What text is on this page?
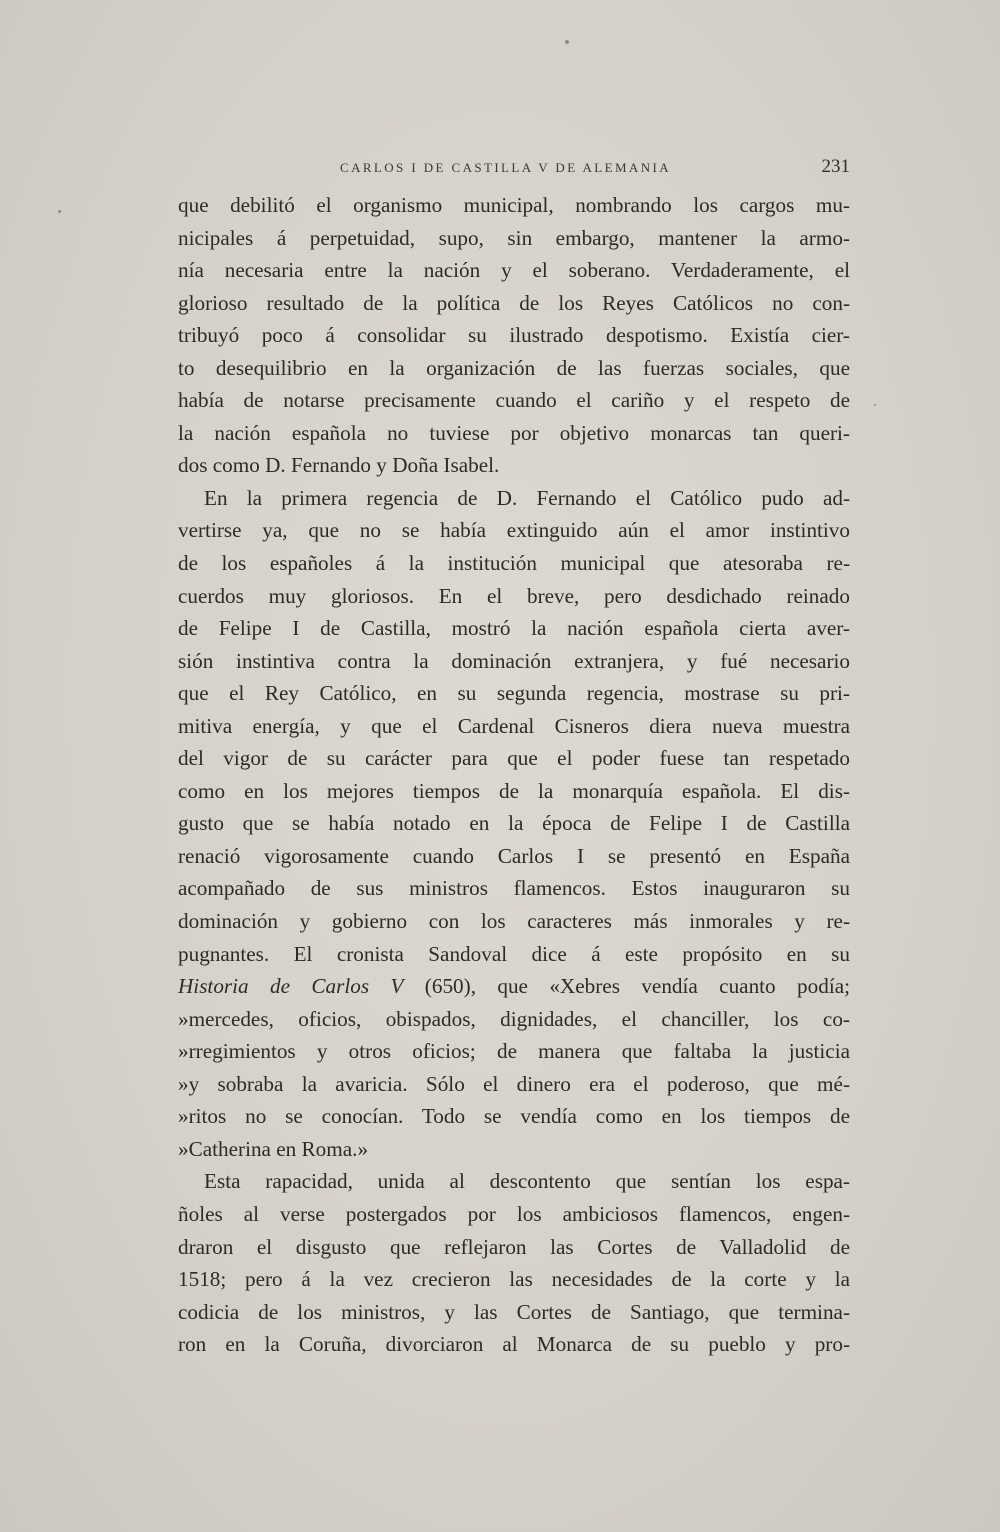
CARLOS I DE CASTILLA V DE ALEMANIA	231
que debilitó el organismo municipal, nombrando los cargos mu-
nicipales á perpetuidad, supo, sin embargo, mantener la armo-
nía necesaria entre la nación y el soberano. Verdaderamente, el
glorioso resultado de la política de los Reyes Católicos no con-
tribuyó poco á consolidar su ilustrado despotismo. Existía cier-
to desequilibrio en la organización de las fuerzas sociales, que
había de notarse precisamente cuando el cariño y el respeto de
la nación española no tuviese por objetivo monarcas tan queri-
dos como D. Fernando y Doña Isabel.
En la primera regencia de D. Fernando el Católico pudo ad-
vertirse ya, que no se había extinguido aún el amor instintivo
de los españoles á la institución municipal que atesoraba re-
cuerdos muy gloriosos. En el breve, pero desdichado reinado
de Felipe I de Castilla, mostró la nación española cierta aver-
sión instintiva contra la dominación extranjera, y fué necesario
que el Rey Católico, en su segunda regencia, mostrase su pri-
mitiva energía, y que el Cardenal Cisneros diera nueva muestra
del vigor de su carácter para que el poder fuese tan respetado
como en los mejores tiempos de la monarquía española. El dis-
gusto que se había notado en la época de Felipe I de Castilla
renació vigorosamente cuando Carlos I se presentó en España
acompañado de sus ministros flamencos. Estos inauguraron su
dominación y gobierno con los caracteres más inmorales y re-
pugnantes. El cronista Sandoval dice á este propósito en su
Historia de Carlos V (650), que «Xebres vendía cuanto podía;
»mercedes, oficios, obispados, dignidades, el chanciller, los co-
»rregimientos y otros oficios; de manera que faltaba la justicia
»y sobraba la avaricia. Sólo el dinero era el poderoso, que mé-
»ritos no se conocían. Todo se vendía como en los tiempos de
»Catherina en Roma.»
Esta rapacidad, unida al descontento que sentían los espa-
ñoles al verse postergados por los ambiciosos flamencos, engen-
draron el disgusto que reflejaron las Cortes de Valladolid de
1518; pero á la vez crecieron las necesidades de la corte y la
codicia de los ministros, y las Cortes de Santiago, que termina-
ron en la Coruña, divorciaron al Monarca de su pueblo y pro-
